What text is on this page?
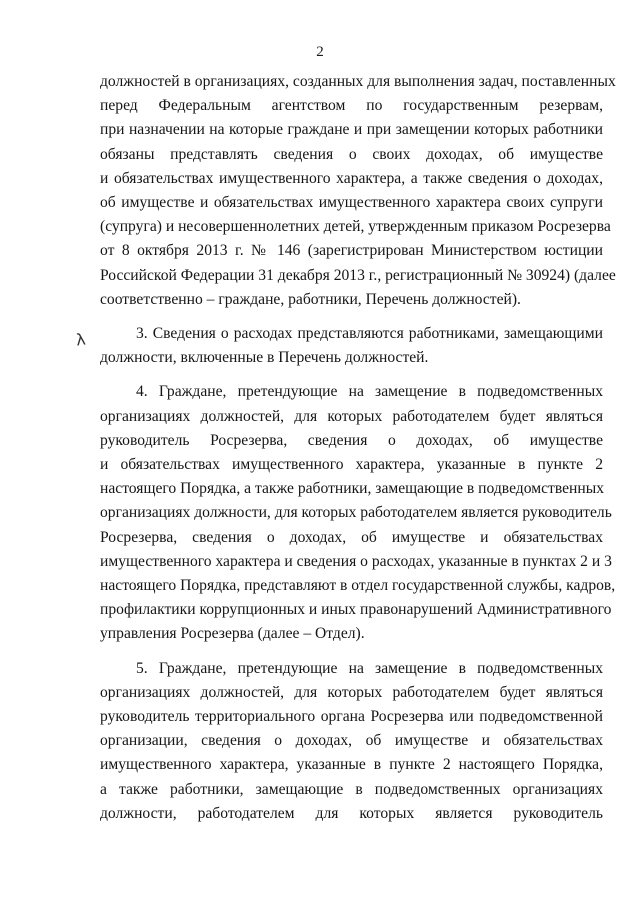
2
λ

должностей в организациях, созданных для выполнения задач, поставленных
перед Федеральным агентством по государственным резервам,
при назначении на которые граждане и при замещении которых работники
обязаны представлять сведения о своих доходах, об имуществе
и обязательствах имущественного характера, а также сведения о доходах,
об имуществе и обязательствах имущественного характера своих супруги
(супруга) и несовершеннолетних детей, утвержденным приказом Росрезерва
от 8 октября 2013 г. № 146 (зарегистрирован Министерством юстиции
Российской Федерации 31 декабря 2013 г., регистрационный № 30924) (далее
соответственно – граждане, работники, Перечень должностей).

3. Сведения о расходах представляются работниками, замещающими
должности, включенные в Перечень должностей.

4. Граждане, претендующие на замещение в подведомственных
организациях должностей, для которых работодателем будет являться
руководитель Росрезерва, сведения о доходах, об имуществе
и обязательствах имущественного характера, указанные в пункте 2
настоящего Порядка, а также работники, замещающие в подведомственных
организациях должности, для которых работодателем является руководитель
Росрезерва, сведения о доходах, об имуществе и обязательствах
имущественного характера и сведения о расходах, указанные в пунктах 2 и 3
настоящего Порядка, представляют в отдел государственной службы, кадров,
профилактики коррупционных и иных правонарушений Административного
управления Росрезерва (далее – Отдел).

5. Граждане, претендующие на замещение в подведомственных
организациях должностей, для которых работодателем будет являться
руководитель территориального органа Росрезерва или подведомственной
организации, сведения о доходах, об имуществе и обязательствах
имущественного характера, указанные в пункте 2 настоящего Порядка,
а также работники, замещающие в подведомственных организациях
должности, работодателем для которых является руководитель
